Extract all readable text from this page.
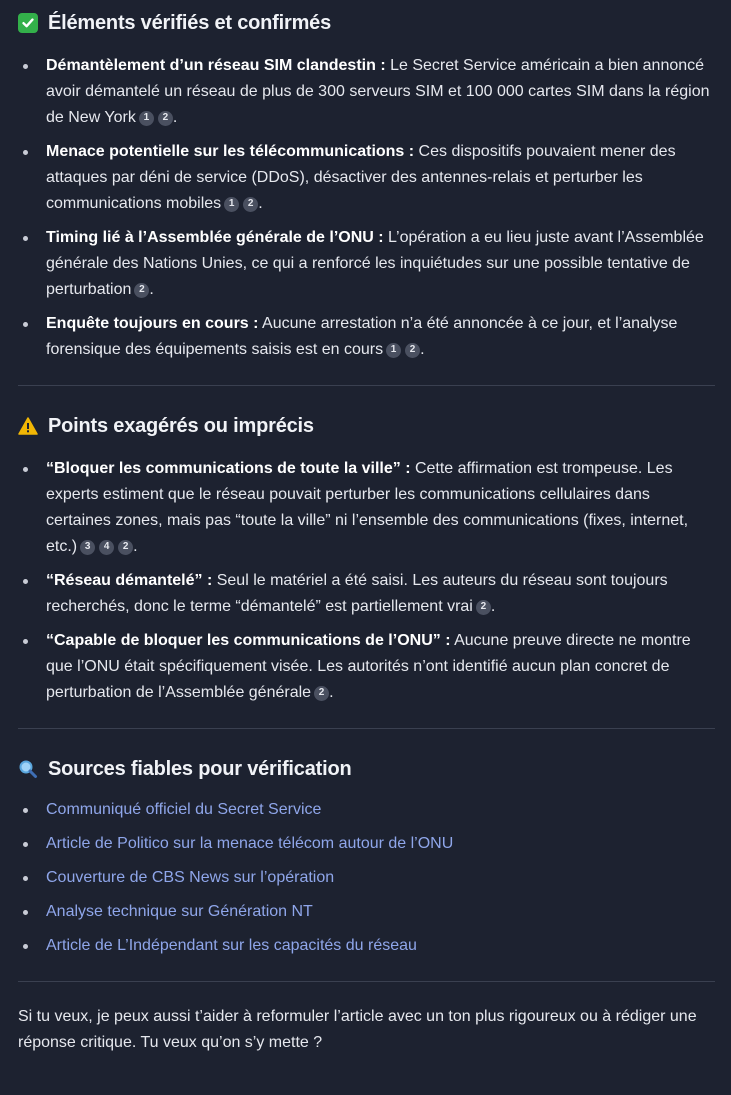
Éléments vérifiés et confirmés
Démantèlement d’un réseau SIM clandestin : Le Secret Service américain a bien annoncé avoir démantelé un réseau de plus de 300 serveurs SIM et 100 000 cartes SIM dans la région de New York 1 2 .
Menace potentielle sur les télécommunications : Ces dispositifs pouvaient mener des attaques par déni de service (DDoS), désactiver des antennes-relais et perturber les communications mobiles 1 2 .
Timing lié à l’Assemblée générale de l’ONU : L’opération a eu lieu juste avant l’Assemblée générale des Nations Unies, ce qui a renforcé les inquiétudes sur une possible tentative de perturbation 2 .
Enquête toujours en cours : Aucune arrestation n’a été annoncée à ce jour, et l’analyse forensique des équipements saisis est en cours 1 2 .
Points exagérés ou imprécis
“Bloquer les communications de toute la ville” : Cette affirmation est trompeuse. Les experts estiment que le réseau pouvait perturber les communications cellulaires dans certaines zones, mais pas “toute la ville” ni l’ensemble des communications (fixes, internet, etc.) 3 4 2 .
“Réseau démantelé” : Seul le matériel a été saisi. Les auteurs du réseau sont toujours recherchés, donc le terme “démantelé” est partiellement vrai 2 .
“Capable de bloquer les communications de l’ONU” : Aucune preuve directe ne montre que l’ONU était spécifiquement visée. Les autorités n’ont identifié aucun plan concret de perturbation de l’Assemblée générale 2 .
Sources fiables pour vérification
Communiqué officiel du Secret Service
Article de Politico sur la menace télécom autour de l’ONU
Couverture de CBS News sur l’opération
Analyse technique sur Génération NT
Article de L’Indépendant sur les capacités du réseau

Si tu veux, je peux aussi t’aider à reformuler l’article avec un ton plus rigoureux ou à rédiger une réponse critique. Tu veux qu’on s’y mette ?
